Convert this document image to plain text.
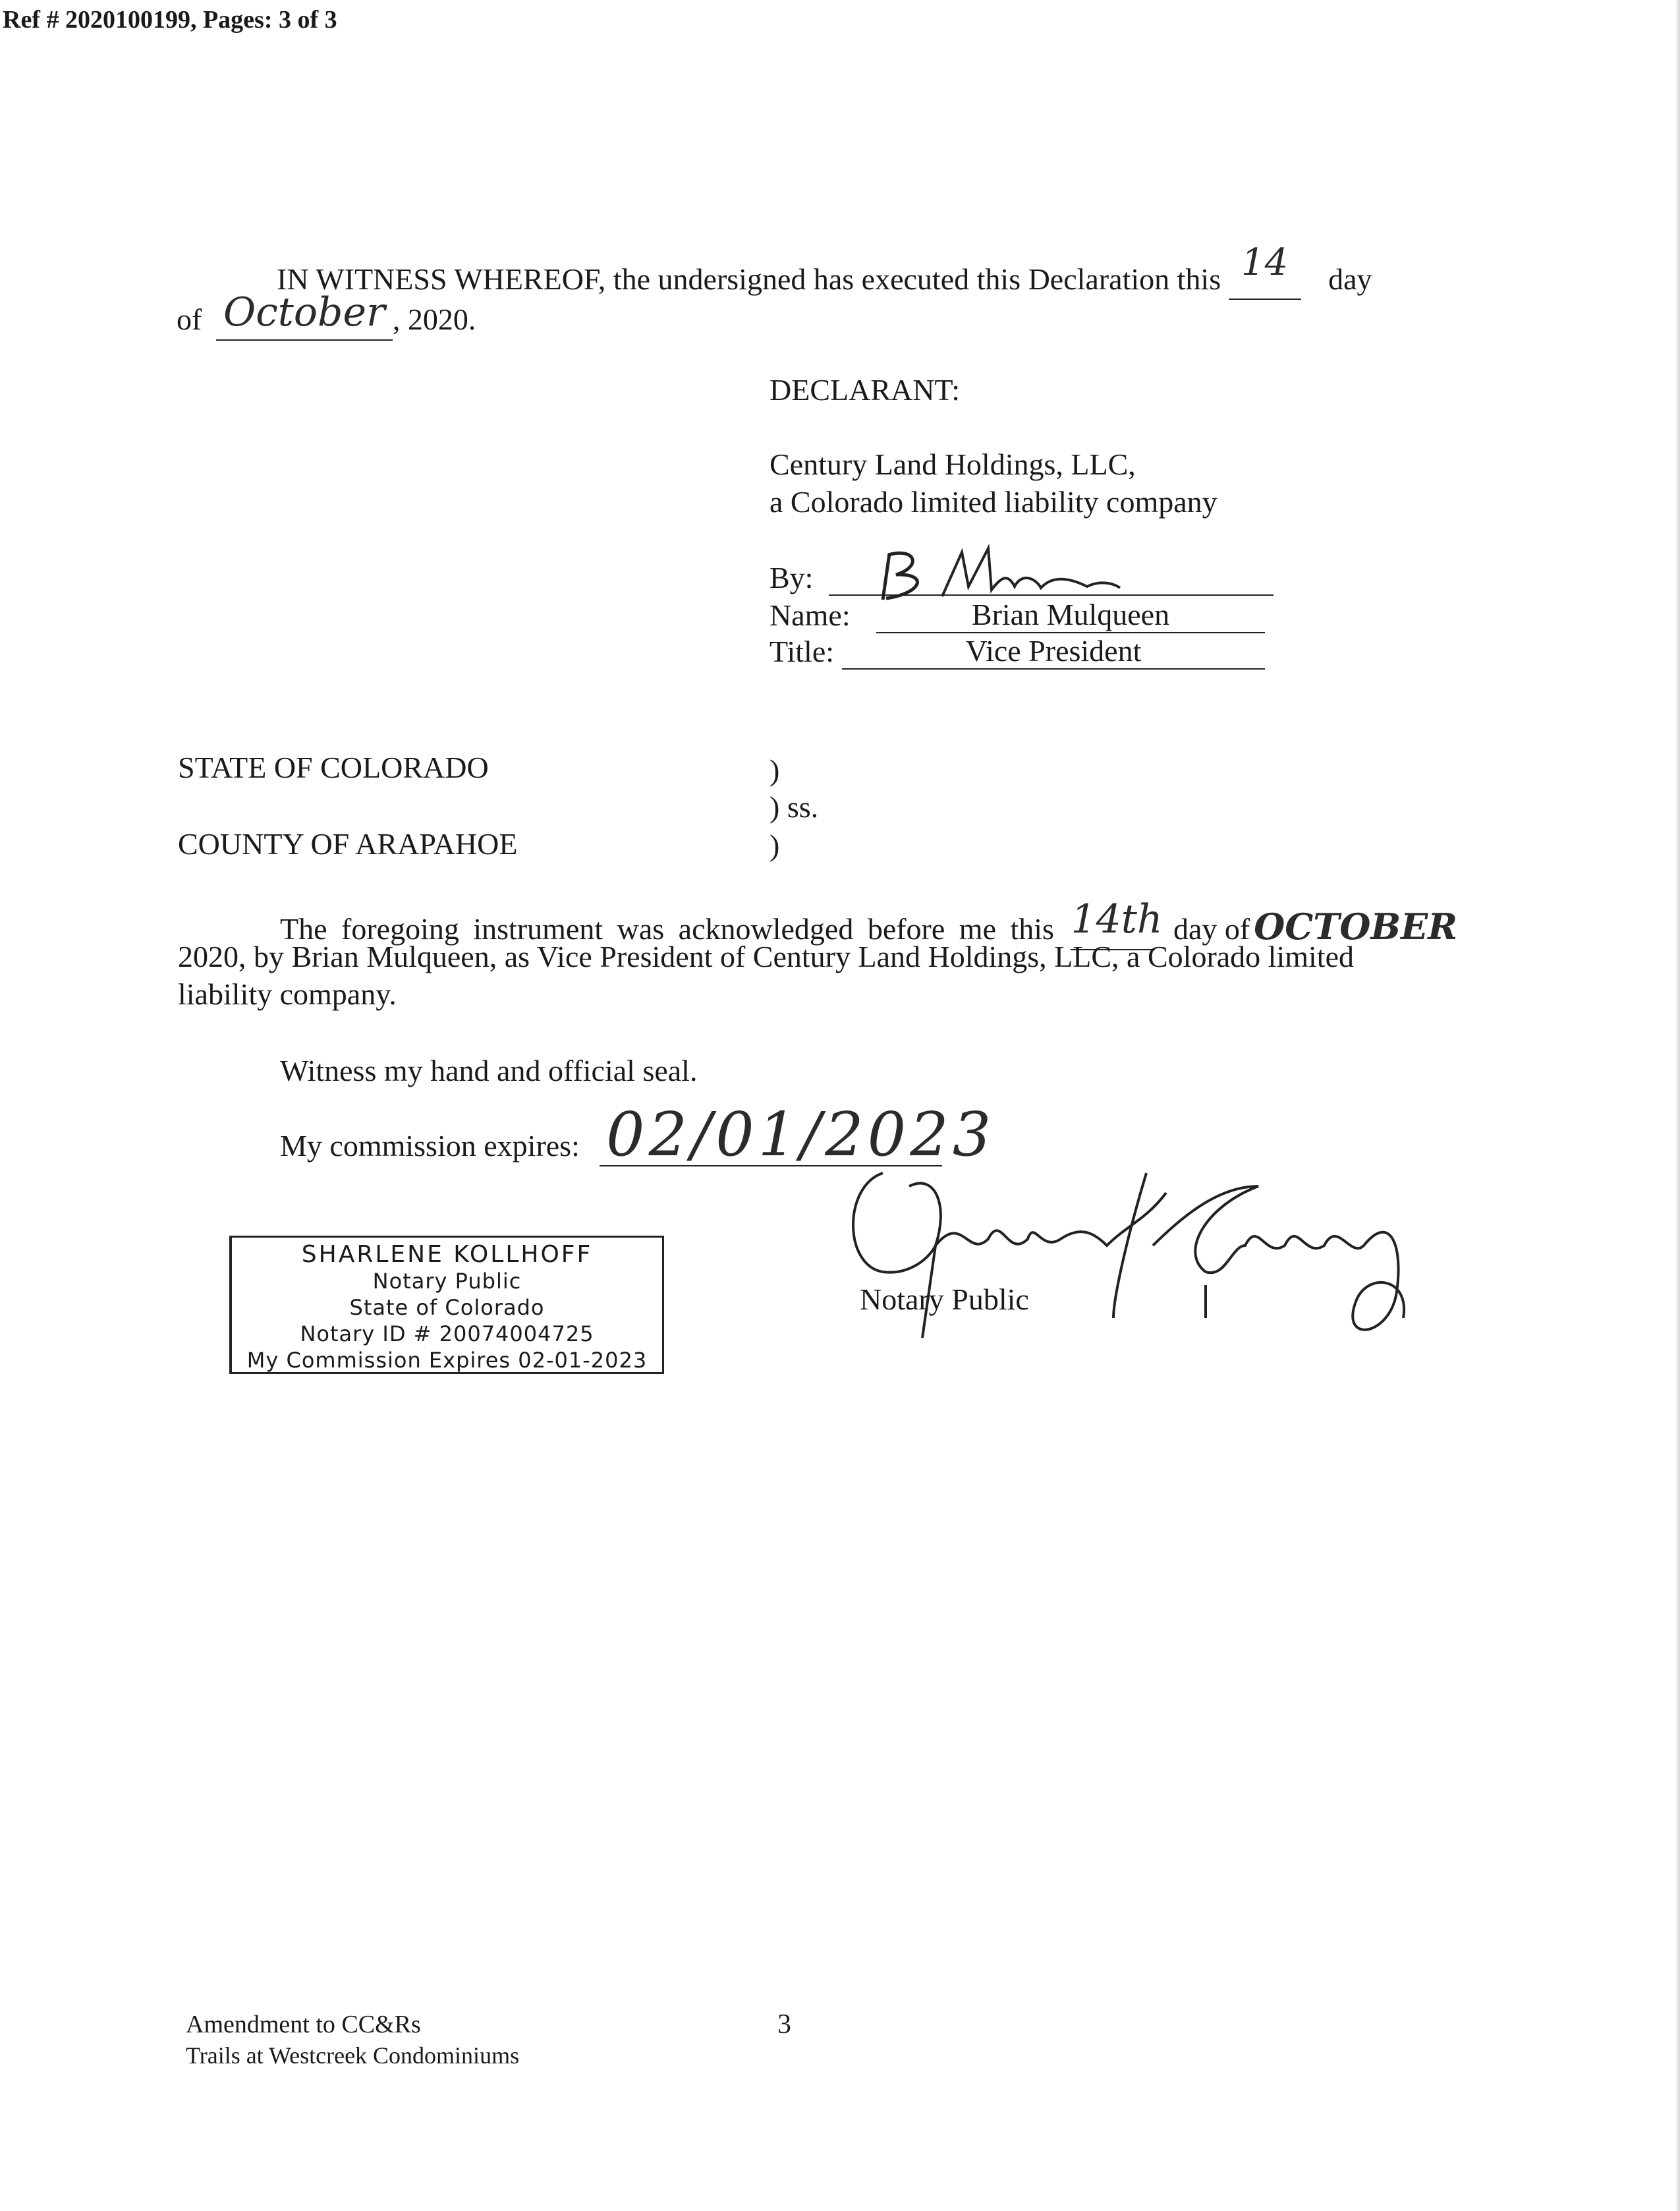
Ref # 2020100199, Pages: 3 of 3
IN WITNESS WHEREOF, the undersigned has executed this Declaration this 14 day
of October , 2020.
DECLARANT:
Century Land Holdings, LLC,
a Colorado limited liability company
By:
Name:	Brian Mulqueen
Title:	Vice President
STATE OF COLORADO
COUNTY OF ARAPAHOE
)
) ss.
)
The foregoing instrument was acknowledged before me this 14th day of OCTOBER
2020, by Brian Mulqueen, as Vice President of Century Land Holdings, LLC, a Colorado limited
liability company.
Witness my hand and official seal.
My commission expires: 02/01/2023
Notary Public
SHARLENE KOLLHOFF
Notary Public
State of Colorado
Notary ID # 20074004725
My Commission Expires 02-01-2023
Amendment to CC&Rs
Trails at Westcreek Condominiums
3
